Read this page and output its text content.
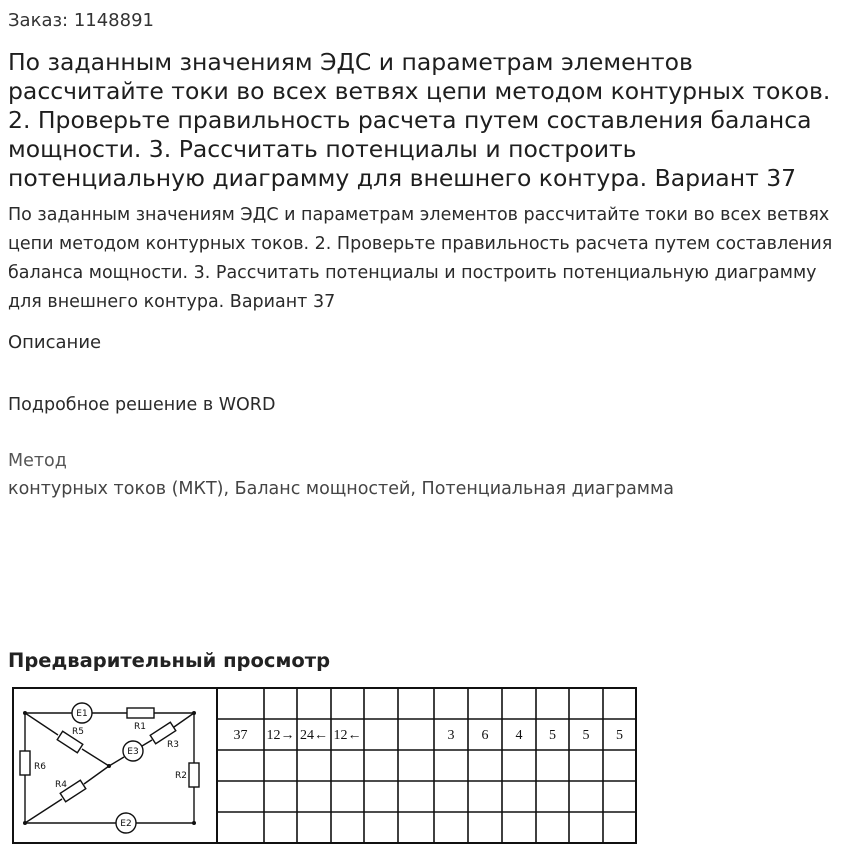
Заказ: 1148891
По заданным значениям ЭДС и параметрам элементов рассчитайте токи во всех ветвях цепи методом контурных токов. 2. Проверьте правильность расчета путем составления баланса мощности. 3. Рассчитать потенциалы и построить потенциальную диаграмму для внешнего контура. Вариант 37

По заданным значениям ЭДС и параметрам элементов рассчитайте токи во всех ветвях цепи методом контурных токов. 2. Проверьте правильность расчета путем составления баланса мощности. 3. Рассчитать потенциалы и построить потенциальную диаграмму для внешнего контура. Вариант 37

Описание
Подробное решение в WORD
Метод
контурных токов (МКТ), Баланс мощностей, Потенциальная диаграмма
Предварительный просмотр
E1
E2
E3
R1
R2
R3
R4
R5
R6
37 12→ 24← 12←	3 6 4 5 5 5
